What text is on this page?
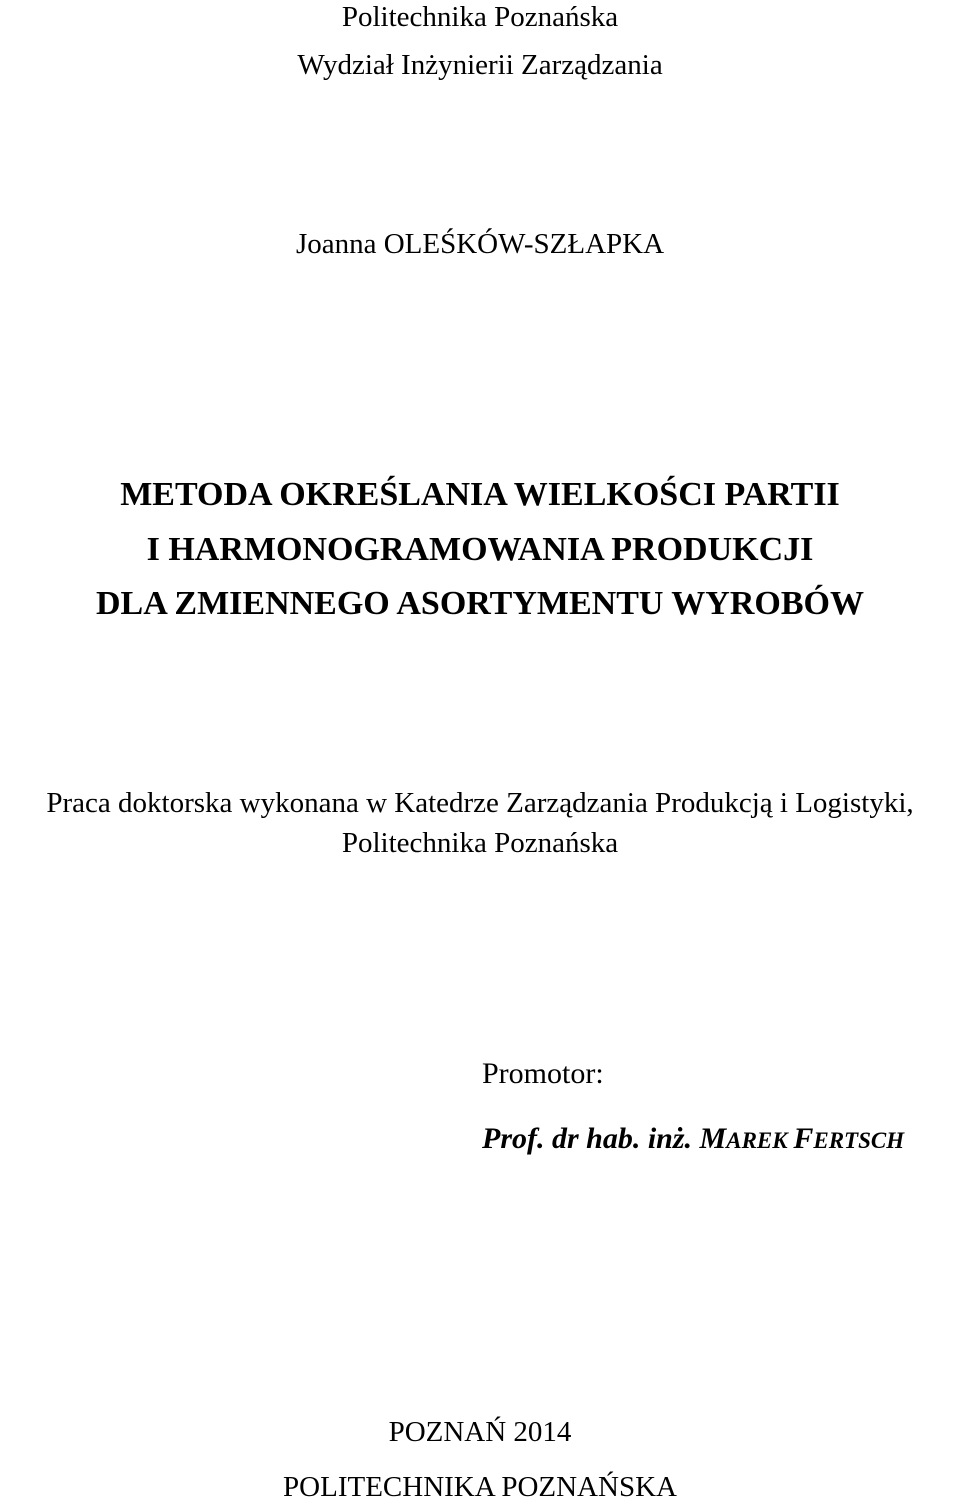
Politechnika Poznańska
Wydział Inżynierii Zarządzania
Joanna OLEŚKÓW-SZŁAPKA
METODA OKREŚLANIA WIELKOŚCI PARTII
I HARMONOGRAMOWANIA PRODUKCJI
DLA ZMIENNEGO ASORTYMENTU WYROBÓW
Praca doktorska wykonana w Katedrze Zarządzania Produkcją i Logistyki,
Politechnika Poznańska
Promotor:
Prof. dr hab. inż. MAREK FERTSCH
POZNAŃ 2014
POLITECHNIKA POZNAŃSKA
